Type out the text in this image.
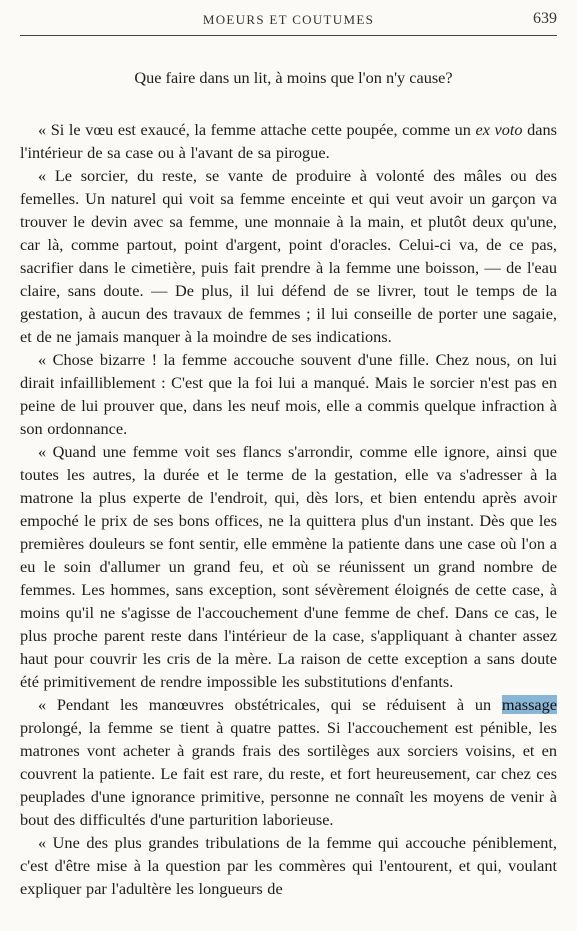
MOEURS ET COUTUMES	639

Que faire dans un lit, à moins que l'on n'y cause?

« Si le vœu est exaucé, la femme attache cette poupée, comme un ex voto dans l'intérieur de sa case ou à l'avant de sa pirogue.

« Le sorcier, du reste, se vante de produire à volonté des mâles ou des femelles. Un naturel qui voit sa femme enceinte et qui veut avoir un garçon va trouver le devin avec sa femme, une monnaie à la main, et plutôt deux qu'une, car là, comme partout, point d'argent, point d'oracles. Celui-ci va, de ce pas, sacrifier dans le cimetière, puis fait prendre à la femme une boisson, — de l'eau claire, sans doute. — De plus, il lui défend de se livrer, tout le temps de la gestation, à aucun des travaux de femmes ; il lui conseille de porter une sagaie, et de ne jamais manquer à la moindre de ses indications.

« Chose bizarre ! la femme accouche souvent d'une fille. Chez nous, on lui dirait infailliblement : C'est que la foi lui a manqué. Mais le sorcier n'est pas en peine de lui prouver que, dans les neuf mois, elle a commis quelque infraction à son ordonnance.

« Quand une femme voit ses flancs s'arrondir, comme elle ignore, ainsi que toutes les autres, la durée et le terme de la gestation, elle va s'adresser à la matrone la plus experte de l'endroit, qui, dès lors, et bien entendu après avoir empoché le prix de ses bons offices, ne la quittera plus d'un instant. Dès que les premières douleurs se font sentir, elle emmène la patiente dans une case où l'on a eu le soin d'allumer un grand feu, et où se réunissent un grand nombre de femmes. Les hommes, sans exception, sont sévèrement éloignés de cette case, à moins qu'il ne s'agisse de l'accouchement d'une femme de chef. Dans ce cas, le plus proche parent reste dans l'intérieur de la case, s'appliquant à chanter assez haut pour couvrir les cris de la mère. La raison de cette exception a sans doute été primitivement de rendre impossible les substitutions d'enfants.

« Pendant les manœuvres obstétricales, qui se réduisent à un massage prolongé, la femme se tient à quatre pattes. Si l'accouchement est pénible, les matrones vont acheter à grands frais des sortilèges aux sorciers voisins, et en couvrent la patiente. Le fait est rare, du reste, et fort heureusement, car chez ces peuplades d'une ignorance primitive, personne ne connaît les moyens de venir à bout des difficultés d'une parturition laborieuse.

« Une des plus grandes tribulations de la femme qui accouche péniblement, c'est d'être mise à la question par les commères qui l'entourent, et qui, voulant expliquer par l'adultère les longueurs de
